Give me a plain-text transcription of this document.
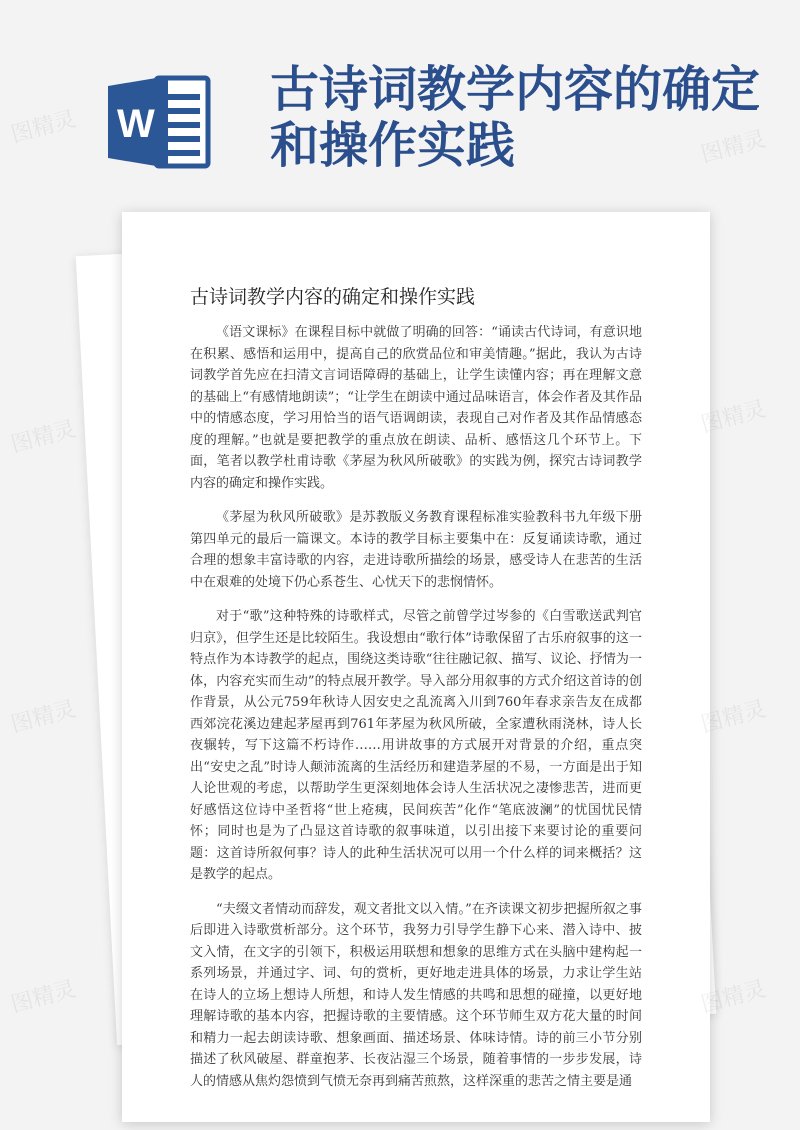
W
古诗词教学内容的确定和操作实践
古诗词教学内容的确定和操作实践

《语文课标》在课程目标中就做了明确的回答：“诵读古代诗词，有意识地在积累、感悟和运用中，提高自己的欣赏品位和审美情趣。”据此，我认为古诗词教学首先应在扫清文言词语障碍的基础上，让学生读懂内容；再在理解文意的基础上“有感情地朗读”；“让学生在朗读中通过品味语言，体会作者及其作品中的情感态度，学习用恰当的语气语调朗读，表现自己对作者及其作品情感态度的理解。”也就是要把教学的重点放在朗读、品析、感悟这几个环节上。下面，笔者以教学杜甫诗歌《茅屋为秋风所破歌》的实践为例，探究古诗词教学内容的确定和操作实践。

《茅屋为秋风所破歌》是苏教版义务教育课程标准实验教科书九年级下册第四单元的最后一篇课文。本诗的教学目标主要集中在：反复诵读诗歌，通过合理的想象丰富诗歌的内容，走进诗歌所描绘的场景，感受诗人在悲苦的生活中在艰难的处境下仍心系苍生、心忧天下的悲悯情怀。

对于“歌”这种特殊的诗歌样式，尽管之前曾学过岑参的《白雪歌送武判官归京》，但学生还是比较陌生。我设想由“歌行体”诗歌保留了古乐府叙事的这一特点作为本诗教学的起点，围绕这类诗歌“往往融记叙、描写、议论、抒情为一体，内容充实而生动”的特点展开教学。导入部分用叙事的方式介绍这首诗的创作背景，从公元759年秋诗人因安史之乱流离入川到760年春求亲告友在成都西郊浣花溪边建起茅屋再到761年茅屋为秋风所破，全家遭秋雨浇林，诗人长夜辗转，写下这篇不朽诗作……用讲故事的方式展开对背景的介绍，重点突出“安史之乱”时诗人颠沛流离的生活经历和建造茅屋的不易，一方面是出于知人论世观的考虑，以帮助学生更深刻地体会诗人生活状况之凄惨悲苦，进而更好感悟这位诗中圣哲将“世上疮痍，民间疾苦”化作“笔底波澜”的忧国忧民情怀；同时也是为了凸显这首诗歌的叙事味道，以引出接下来要讨论的重要问题：这首诗所叙何事？诗人的此种生活状况可以用一个什么样的词来概括？这是教学的起点。

“夫缀文者情动而辞发，观文者批文以入情。”在齐读课文初步把握所叙之事后即进入诗歌赏析部分。这个环节，我努力引导学生静下心来、潜入诗中、披文入情，在文字的引领下，积极运用联想和想象的思维方式在头脑中建构起一系列场景，并通过字、词、句的赏析，更好地走进具体的场景，力求让学生站在诗人的立场上想诗人所想，和诗人发生情感的共鸣和思想的碰撞，以更好地理解诗歌的基本内容，把握诗歌的主要情感。这个环节师生双方花大量的时间和精力一起去朗读诗歌、想象画面、描述场景、体味诗情。诗的前三小节分别描述了秋风破屋、群童抱茅、长夜沾湿三个场景，随着事情的一步步发展，诗人的情感从焦灼怨愤到气愤无奈再到痛苦煎熬，这样深重的悲苦之情主要是通

图精灵	图精灵
图精灵	图精灵
图精灵	图精灵
图精灵	图精灵
